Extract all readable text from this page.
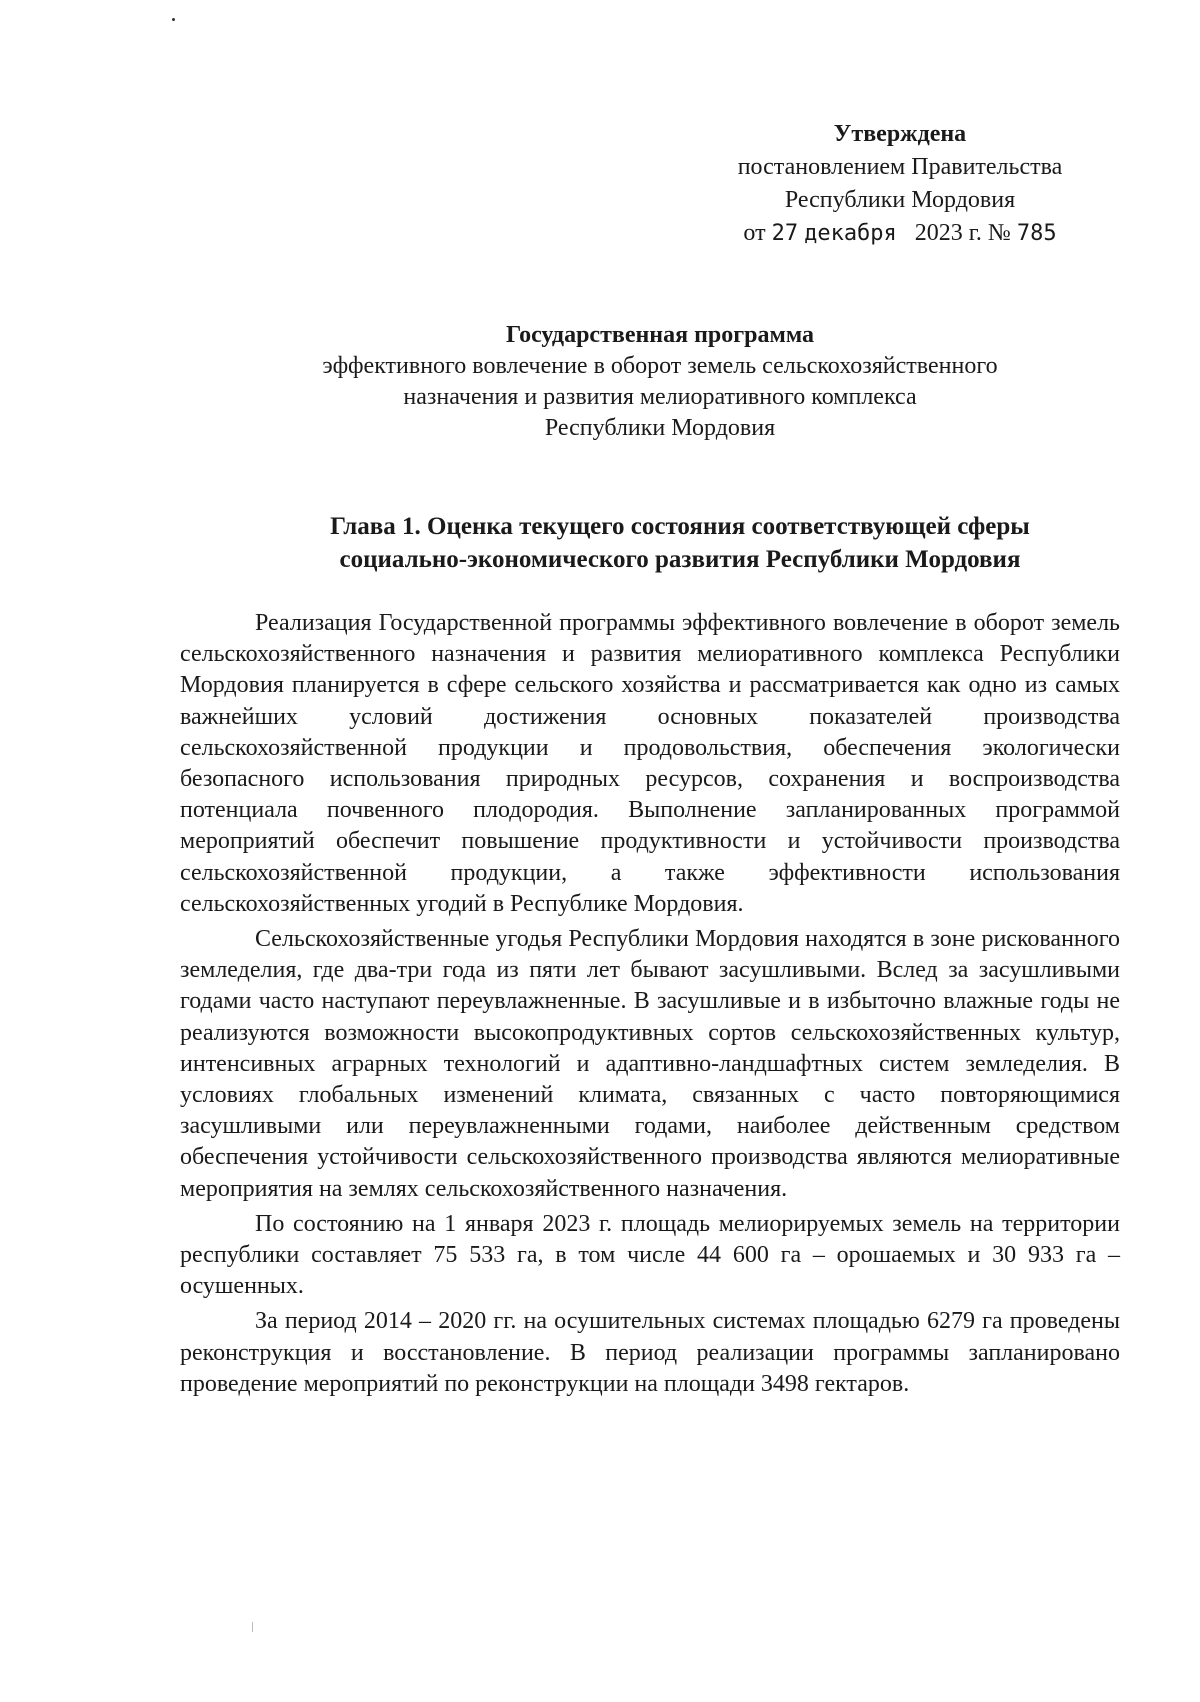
Утверждена
постановлением Правительства
Республики Мордовия
от 27 декабря 2023 г. № 785
Государственная программа
эффективного вовлечение в оборот земель сельскохозяйственного
назначения и развития мелиоративного комплекса
Республики Мордовия
Глава 1. Оценка текущего состояния соответствующей сферы
социально-экономического развития Республики Мордовия

Реализация Государственной программы эффективного вовлечение в оборот земель сельскохозяйственного назначения и развития мелиоративного комплекса Республики Мордовия планируется в сфере сельского хозяйства и рассматривается как одно из самых важнейших условий достижения основных показателей производства сельскохозяйственной продукции и продовольствия, обеспечения экологически безопасного использования природных ресурсов, сохранения и воспроизводства потенциала почвенного плодородия. Выполнение запланированных программой мероприятий обеспечит повышение продуктивности и устойчивости производства сельскохозяйственной продукции, а также эффективности использования сельскохозяйственных угодий в Республике Мордовия.

Сельскохозяйственные угодья Республики Мордовия находятся в зоне рискованного земледелия, где два-три года из пяти лет бывают засушливыми. Вслед за засушливыми годами часто наступают переувлажненные. В засушливые и в избыточно влажные годы не реализуются возможности высокопродуктивных сортов сельскохозяйственных культур, интенсивных аграрных технологий и адаптивно-ландшафтных систем земледелия. В условиях глобальных изменений климата, связанных с часто повторяющимися засушливыми или переувлажненными годами, наиболее действенным средством обеспечения устойчивости сельскохозяйственного производства являются мелиоративные мероприятия на землях сельскохозяйственного назначения.

По состоянию на 1 января 2023 г. площадь мелиорируемых земель на территории республики составляет 75 533 га, в том числе 44 600 га – орошаемых и 30 933 га – осушенных.

За период 2014 – 2020 гг. на осушительных системах площадью 6279 га проведены реконструкция и восстановление. В период реализации программы запланировано проведение мероприятий по реконструкции на площади 3498 гектаров.
